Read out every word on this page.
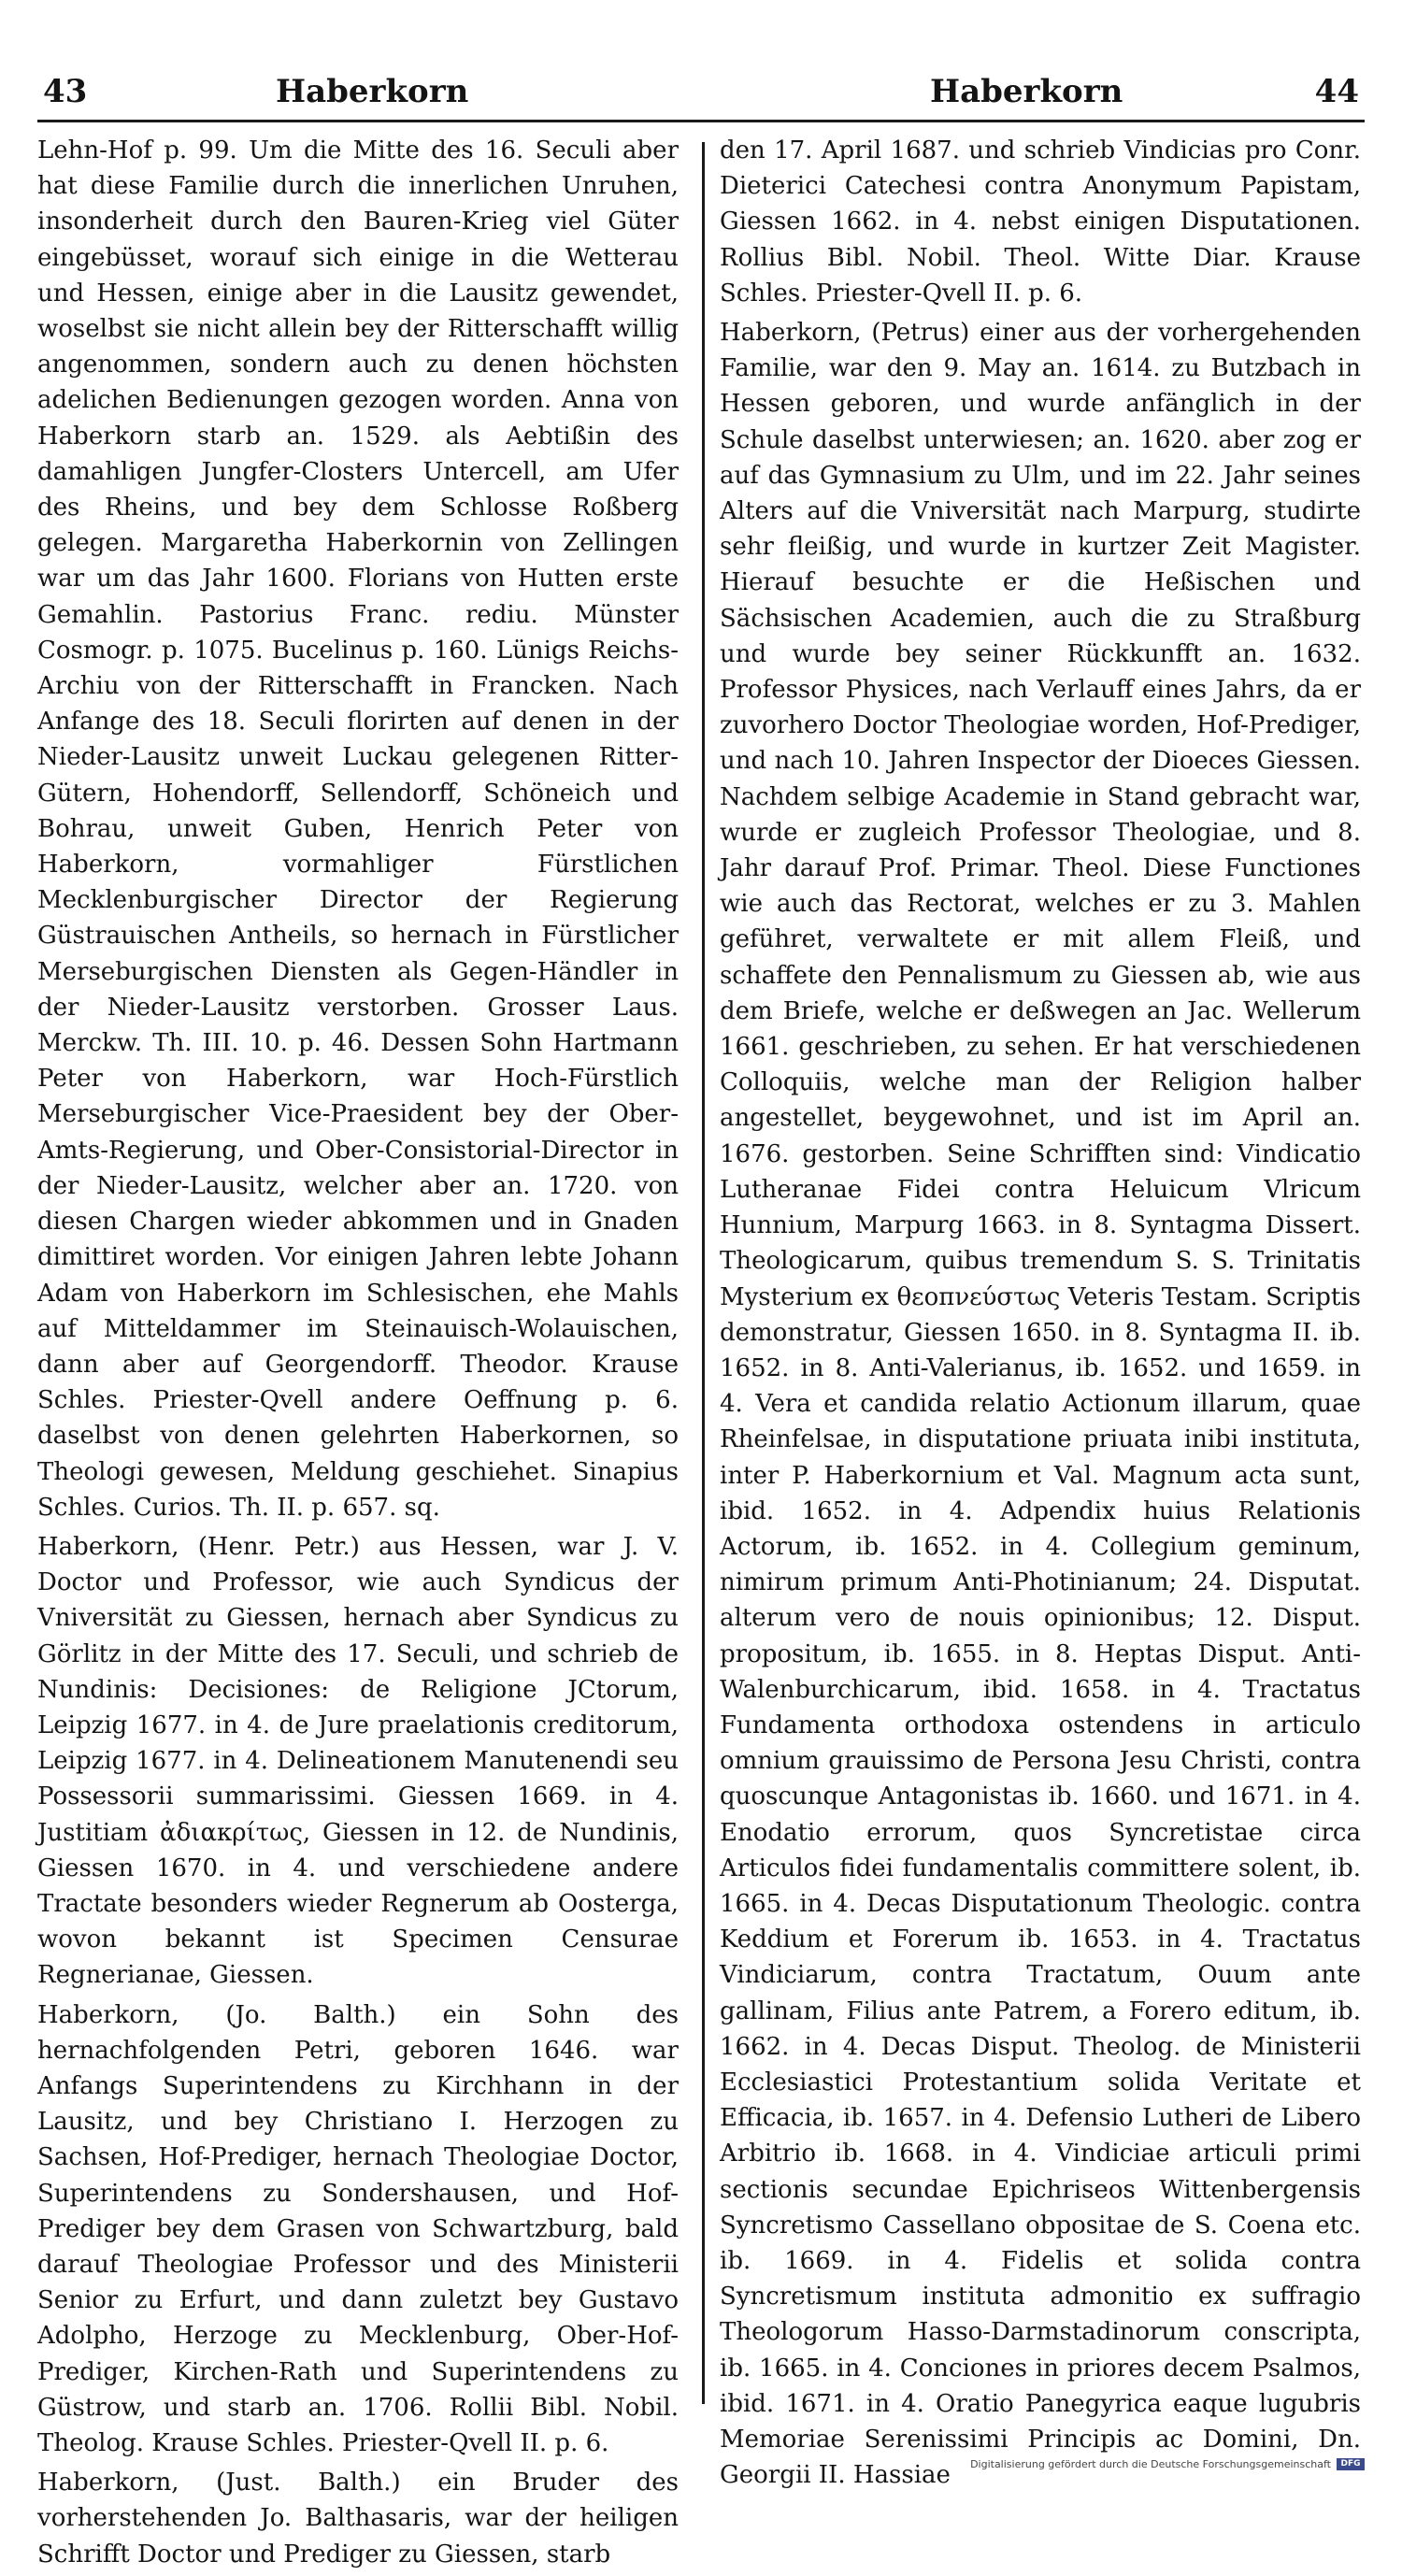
43	Haberkorn	Haberkorn	44

Lehn-Hof p. 99. Um die Mitte des 16. Seculi aber hat diese Familie durch die innerlichen Unruhen, insonderheit durch den Bauren-Krieg viel Güter eingebüsset, worauf sich einige in die Wetterau und Hessen, einige aber in die Lausitz gewendet, woselbst sie nicht allein bey der Ritterschafft willig angenommen, sondern auch zu denen höchsten adelichen Bedienungen gezogen worden. Anna von Haberkorn starb an. 1529. als Aebtißin des damahligen Jungfer-Closters Untercell, am Ufer des Rheins, und bey dem Schlosse Roßberg gelegen. Margaretha Haberkornin von Zellingen war um das Jahr 1600. Florians von Hutten erste Gemahlin. Pastorius Franc. rediu. Münster Cosmogr. p. 1075. Bucelinus p. 160. Lünigs Reichs-Archiu von der Ritterschafft in Francken. Nach Anfange des 18. Seculi florirten auf denen in der Nieder-Lausitz unweit Luckau gelegenen Ritter-Gütern, Hohendorff, Sellendorff, Schöneich und Bohrau, unweit Guben, Henrich Peter von Haberkorn, vormahliger Fürstlichen Mecklenburgischer Director der Regierung Güstrauischen Antheils, so hernach in Fürstlicher Merseburgischen Diensten als Gegen-Händler in der Nieder-Lausitz verstorben. Grosser Laus. Merckw. Th. III. 10. p. 46. Dessen Sohn Hartmann Peter von Haberkorn, war Hoch-Fürstlich Merseburgischer Vice-Praesident bey der Ober-Amts-Regierung, und Ober-Consistorial-Director in der Nieder-Lausitz, welcher aber an. 1720. von diesen Chargen wieder abkommen und in Gnaden dimittiret worden. Vor einigen Jahren lebte Johann Adam von Haberkorn im Schlesischen, ehe Mahls auf Mitteldammer im Steinauisch-Wolauischen, dann aber auf Georgendorff. Theodor. Krause Schles. Priester-Qvell andere Oeffnung p. 6. daselbst von denen gelehrten Haberkornen, so Theologi gewesen, Meldung geschiehet. Sinapius Schles. Curios. Th. II. p. 657. sq.

Haberkorn, (Henr. Petr.) aus Hessen, war J. V. Doctor und Professor, wie auch Syndicus der Vniversität zu Giessen, hernach aber Syndicus zu Görlitz in der Mitte des 17. Seculi, und schrieb de Nundinis: Decisiones: de Religione JCtorum, Leipzig 1677. in 4. de Jure praelationis creditorum, Leipzig 1677. in 4. Delineationem Manutenendi seu Possessorii summarissimi. Giessen 1669. in 4. Justitiam ἀδιακρίτως, Giessen in 12. de Nundinis, Giessen 1670. in 4. und verschiedene andere Tractate besonders wieder Regnerum ab Oosterga, wovon bekannt ist Specimen Censurae Regnerianae, Giessen.

Haberkorn, (Jo. Balth.) ein Sohn des hernachfolgenden Petri, geboren 1646. war Anfangs Superintendens zu Kirchhann in der Lausitz, und bey Christiano I. Herzogen zu Sachsen, Hof-Prediger, hernach Theologiae Doctor, Superintendens zu Sondershausen, und Hof-Prediger bey dem Grasen von Schwartzburg, bald darauf Theologiae Professor und des Ministerii Senior zu Erfurt, und dann zuletzt bey Gustavo Adolpho, Herzoge zu Mecklenburg, Ober-Hof-Prediger, Kirchen-Rath und Superintendens zu Güstrow, und starb an. 1706. Rollii Bibl. Nobil. Theolog. Krause Schles. Priester-Qvell II. p. 6.

Haberkorn, (Just. Balth.) ein Bruder des vorherstehenden Jo. Balthasaris, war der heiligen Schrifft Doctor und Prediger zu Giessen, starb

den 17. April 1687. und schrieb Vindicias pro Conr. Dieterici Catechesi contra Anonymum Papistam, Giessen 1662. in 4. nebst einigen Disputationen. Rollius Bibl. Nobil. Theol. Witte Diar. Krause Schles. Priester-Qvell II. p. 6.

Haberkorn, (Petrus) einer aus der vorhergehenden Familie, war den 9. May an. 1614. zu Butzbach in Hessen geboren, und wurde anfänglich in der Schule daselbst unterwiesen; an. 1620. aber zog er auf das Gymnasium zu Ulm, und im 22. Jahr seines Alters auf die Vniversität nach Marpurg, studirte sehr fleißig, und wurde in kurtzer Zeit Magister. Hierauf besuchte er die Heßischen und Sächsischen Academien, auch die zu Straßburg und wurde bey seiner Rückkunfft an. 1632. Professor Physices, nach Verlauff eines Jahrs, da er zuvorhero Doctor Theologiae worden, Hof-Prediger, und nach 10. Jahren Inspector der Dioeces Giessen. Nachdem selbige Academie in Stand gebracht war, wurde er zugleich Professor Theologiae, und 8. Jahr darauf Prof. Primar. Theol. Diese Functiones wie auch das Rectorat, welches er zu 3. Mahlen geführet, verwaltete er mit allem Fleiß, und schaffete den Pennalismum zu Giessen ab, wie aus dem Briefe, welche er deßwegen an Jac. Wellerum 1661. geschrieben, zu sehen. Er hat verschiedenen Colloquiis, welche man der Religion halber angestellet, beygewohnet, und ist im April an. 1676. gestorben. Seine Schrifften sind: Vindicatio Lutheranae Fidei contra Heluicum Vlricum Hunnium, Marpurg 1663. in 8. Syntagma Dissert. Theologicarum, quibus tremendum S. S. Trinitatis Mysterium ex θεοπνεύστως Veteris Testam. Scriptis demonstratur, Giessen 1650. in 8. Syntagma II. ib. 1652. in 8. Anti-Valerianus, ib. 1652. und 1659. in 4. Vera et candida relatio Actionum illarum, quae Rheinfelsae, in disputatione priuata inibi instituta, inter P. Haberkornium et Val. Magnum acta sunt, ibid. 1652. in 4. Adpendix huius Relationis Actorum, ib. 1652. in 4. Collegium geminum, nimirum primum Anti-Photinianum; 24. Disputat. alterum vero de nouis opinionibus; 12. Disput. propositum, ib. 1655. in 8. Heptas Disput. Anti-Walenburchicarum, ibid. 1658. in 4. Tractatus Fundamenta orthodoxa ostendens in articulo omnium grauissimo de Persona Jesu Christi, contra quoscunque Antagonistas ib. 1660. und 1671. in 4. Enodatio errorum, quos Syncretistae circa Articulos fidei fundamentalis committere solent, ib. 1665. in 4. Decas Disputationum Theologic. contra Keddium et Forerum ib. 1653. in 4. Tractatus Vindiciarum, contra Tractatum, Ouum ante gallinam, Filius ante Patrem, a Forero editum, ib. 1662. in 4. Decas Disput. Theolog. de Ministerii Ecclesiastici Protestantium solida Veritate et Efficacia, ib. 1657. in 4. Defensio Lutheri de Libero Arbitrio ib. 1668. in 4. Vindiciae articuli primi sectionis secundae Epichriseos Wittenbergensis Syncretismo Cassellano obpositae de S. Coena etc. ib. 1669. in 4. Fidelis et solida contra Syncretismum instituta admonitio ex suffragio Theologorum Hasso-Darmstadinorum conscripta, ib. 1665. in 4. Conciones in priores decem Psalmos, ibid. 1671. in 4. Oratio Panegyrica eaque lugubris Memoriae Serenissimi Principis ac Domini, Dn. Georgii II. Hassiae	Digitalisierung gefördert durch die Deutsche Forschungsgemeinschaft	DFG
